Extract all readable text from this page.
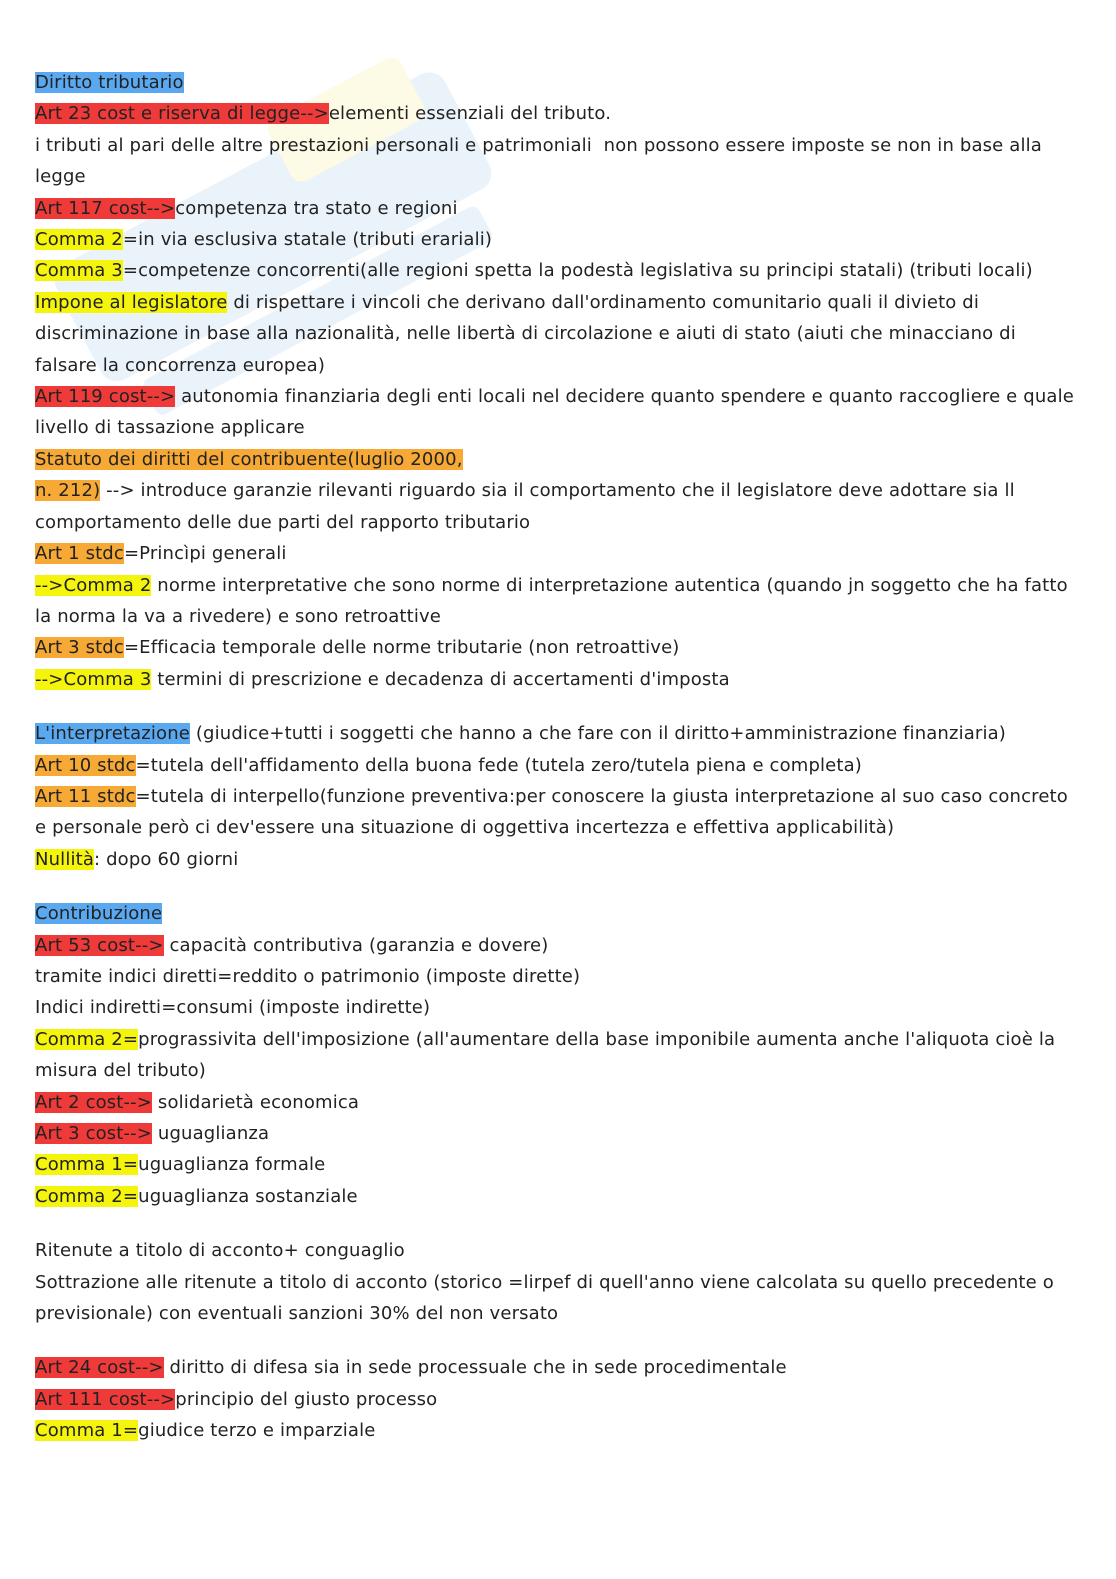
Diritto tributario
Art 23 cost e riserva di legge-->elementi essenziali del tributo.
i tributi al pari delle altre prestazioni personali e patrimoniali  non possono essere imposte se non in base alla legge
Art 117 cost-->competenza tra stato e regioni
Comma 2=in via esclusiva statale (tributi erariali)
Comma 3=competenze concorrenti(alle regioni spetta la podestà legislativa su principi statali) (tributi locali)
Impone al legislatore di rispettare i vincoli che derivano dall'ordinamento comunitario quali il divieto di discriminazione in base alla nazionalità, nelle libertà di circolazione e aiuti di stato (aiuti che minacciano di falsare la concorrenza europea)
Art 119 cost--> autonomia finanziaria degli enti locali nel decidere quanto spendere e quanto raccogliere e quale livello di tassazione applicare
Statuto dei diritti del contribuente(luglio 2000,
n. 212) --> introduce garanzie rilevanti riguardo sia il comportamento che il legislatore deve adottare sia ll comportamento delle due parti del rapporto tributario
Art 1 stdc=Princìpi generali
-->Comma 2 norme interpretative che sono norme di interpretazione autentica (quando jn soggetto che ha fatto la norma la va a rivedere) e sono retroattive
Art 3 stdc=Efficacia temporale delle norme tributarie (non retroattive)
-->Comma 3 termini di prescrizione e decadenza di accertamenti d'imposta
L'interpretazione (giudice+tutti i soggetti che hanno a che fare con il diritto+amministrazione finanziaria)
Art 10 stdc=tutela dell'affidamento della buona fede (tutela zero/tutela piena e completa)
Art 11 stdc=tutela di interpello(funzione preventiva:per conoscere la giusta interpretazione al suo caso concreto e personale però ci dev'essere una situazione di oggettiva incertezza e effettiva applicabilità)
Nullità: dopo 60 giorni
Contribuzione
Art 53 cost--> capacità contributiva (garanzia e dovere)
tramite indici diretti=reddito o patrimonio (imposte dirette)
Indici indiretti=consumi (imposte indirette)
Comma 2=prograssivita dell'imposizione (all'aumentare della base imponibile aumenta anche l'aliquota cioè la misura del tributo)
Art 2 cost--> solidarietà economica
Art 3 cost--> uguaglianza
Comma 1=uguaglianza formale
Comma 2=uguaglianza sostanziale
Ritenute a titolo di acconto+ conguaglio
Sottrazione alle ritenute a titolo di acconto (storico =lirpef di quell'anno viene calcolata su quello precedente o previsionale) con eventuali sanzioni 30% del non versato
Art 24 cost--> diritto di difesa sia in sede processuale che in sede procedimentale
Art 111 cost-->principio del giusto processo
Comma 1=giudice terzo e imparziale
